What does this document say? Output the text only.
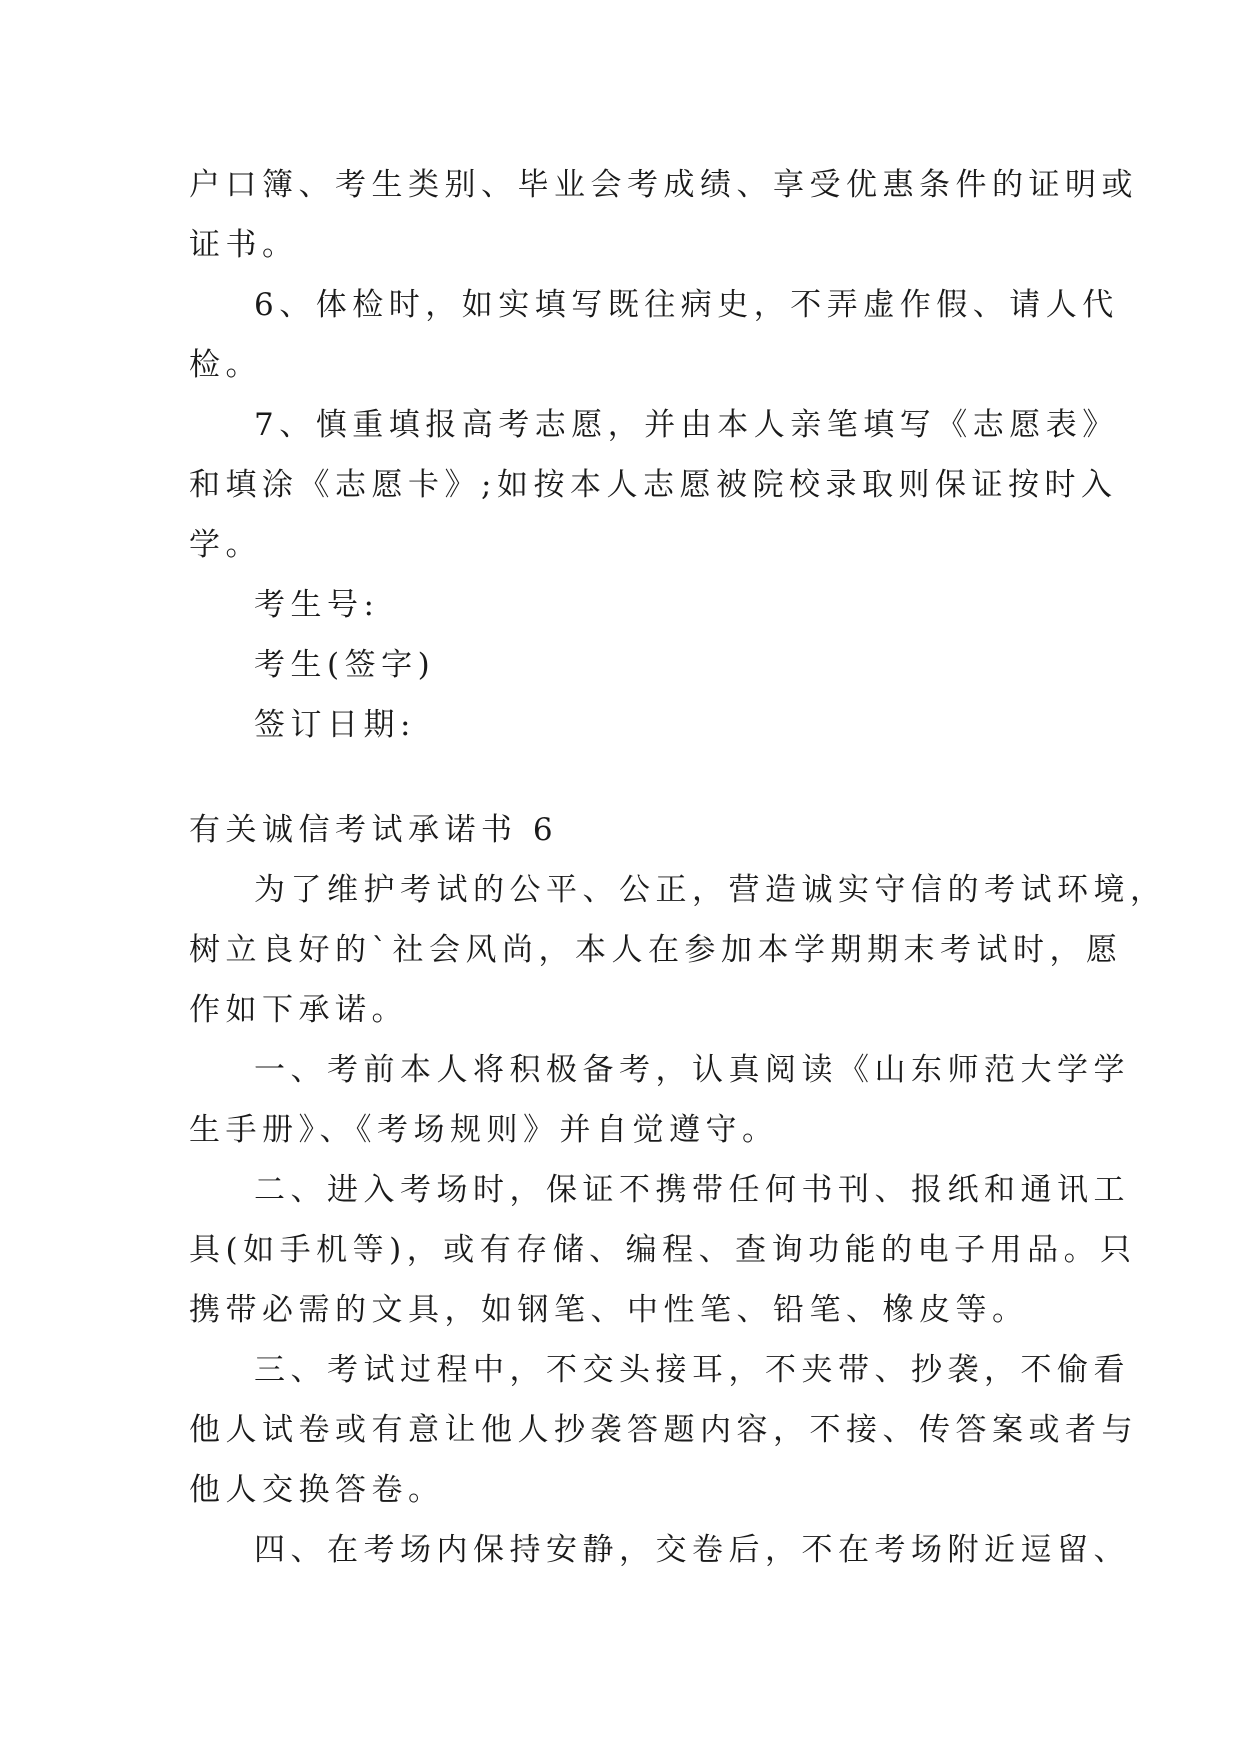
户口簿、考生类别、毕业会考成绩、享受优惠条件的证明或
证书。
6、体检时，如实填写既往病史，不弄虚作假、请人代
检。
7、慎重填报高考志愿，并由本人亲笔填写《志愿表》
和填涂《志愿卡》;如按本人志愿被院校录取则保证按时入
学。
考生号:
考生(签字)
签订日期:
有关诚信考试承诺书 6
为了维护考试的公平、公正，营造诚实守信的考试环境，
树立良好的`社会风尚，本人在参加本学期期末考试时，愿
作如下承诺。
一、考前本人将积极备考，认真阅读《山东师范大学学
生手册》、《考场规则》并自觉遵守。
二、进入考场时，保证不携带任何书刊、报纸和通讯工
具(如手机等)，或有存储、编程、查询功能的电子用品。只
携带必需的文具，如钢笔、中性笔、铅笔、橡皮等。
三、考试过程中，不交头接耳，不夹带、抄袭，不偷看
他人试卷或有意让他人抄袭答题内容，不接、传答案或者与
他人交换答卷。
四、在考场内保持安静，交卷后，不在考场附近逗留、
